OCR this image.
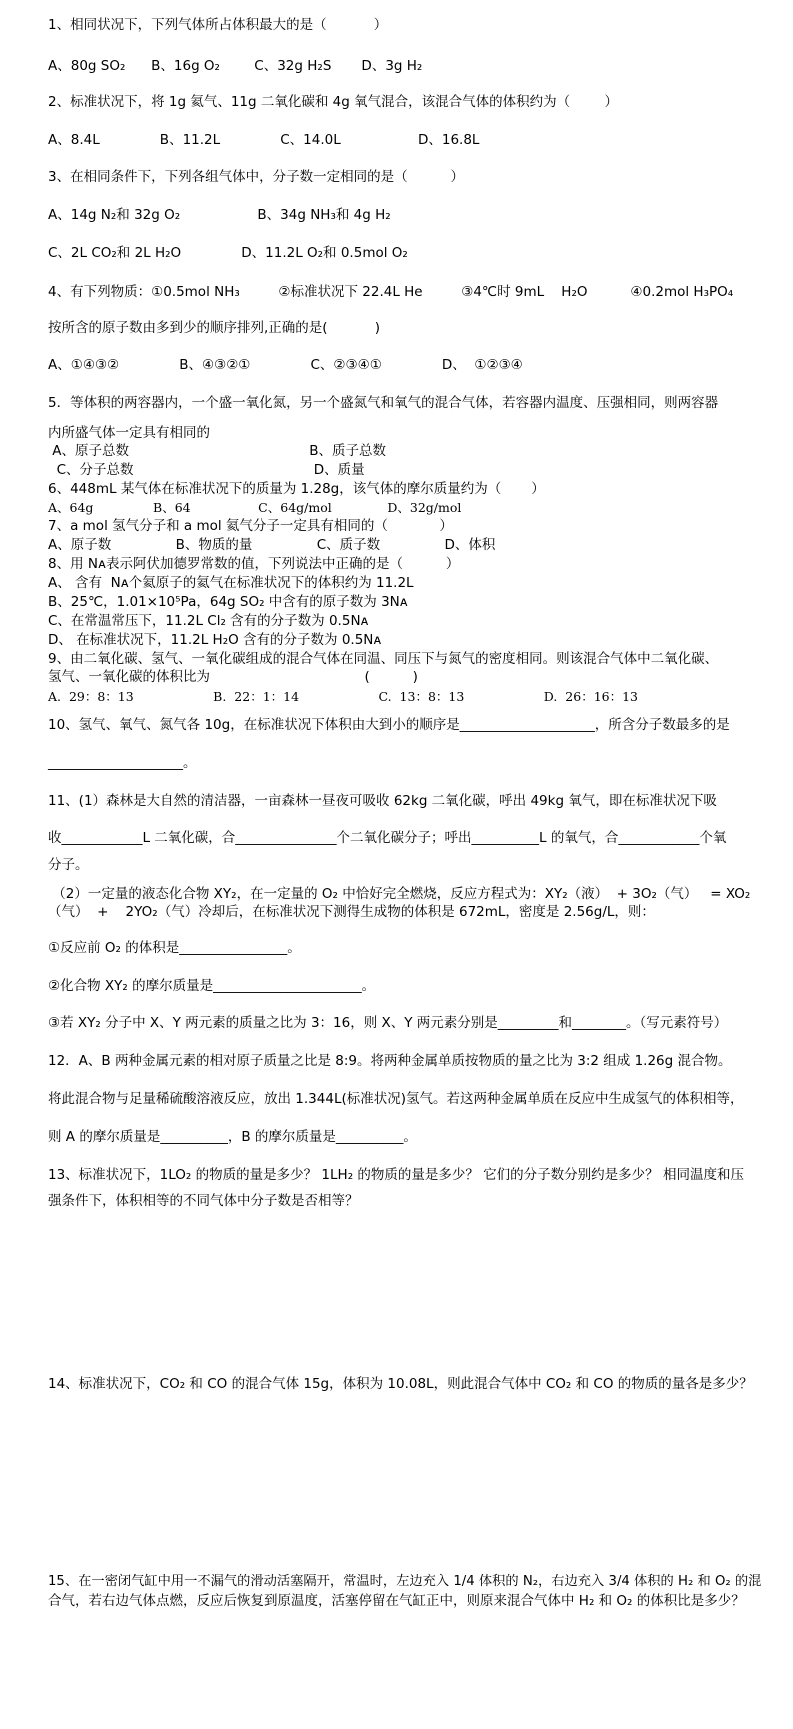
1、相同状况下，下列气体所占体积最大的是（           ）
A、80g SO₂      B、16g O₂        C、32g H₂S       D、3g H₂
2、标准状况下，将 1g 氦气、11g 二氧化碳和 4g 氧气混合，该混合气体的体积约为（        ）
A、8.4L              B、11.2L              C、14.0L                  D、16.8L
3、在相同条件下，下列各组气体中，分子数一定相同的是（          ）
A、14g N₂和 32g O₂                  B、34g NH₃和 4g H₂
C、2L CO₂和 2L H₂O              D、11.2L O₂和 0.5mol O₂
4、有下列物质：①0.5mol NH₃         ②标准状况下 22.4L He         ③4℃时 9mL    H₂O          ④0.2mol H₃PO₄
按所含的原子数由多到少的顺序排列,正确的是(           )
A、①④③②              B、④③②①              C、②③④①              D、  ①②③④
5．等体积的两容器内，一个盛一氧化氮，另一个盛氮气和氧气的混合气体，若容器内温度、压强相同，则两容器
内所盛气体一定具有相同的
A、原子总数                                          B、质子总数
C、分子总数                                          D、质量
6、448mL 某气体在标准状况下的质量为 1.28g，该气体的摩尔质量约为（       ）
A、64g               B、64                 C、64g/mol              D、32g/mol
7、a mol 氢气分子和 a mol 氦气分子一定具有相同的（            ）
A、原子数               B、物质的量               C、质子数               D、体积
8、用 Nᴀ表示阿伏加德罗常数的值，下列说法中正确的是（          ）
A、 含有  Nᴀ个氦原子的氦气在标准状况下的体积约为 11.2L
B、25℃，1.01×10⁵Pa，64g SO₂ 中含有的原子数为 3Nᴀ
C、在常温常压下，11.2L Cl₂ 含有的分子数为 0.5Nᴀ
D、 在标准状况下，11.2L H₂O 含有的分子数为 0.5Nᴀ
9、由二氧化碳、氢气、一氧化碳组成的混合气体在同温、同压下与氮气的密度相同。则该混合气体中二氧化碳、
氢气、一氧化碳的体积比为                                    (          )
A.  29：8：13                    B.  22：1：14                    C.  13：8：13                    D.  26：16：13
10、氢气、氧气、氮气各 10g，在标准状况下体积由大到小的顺序是____________________，所含分子数最多的是
____________________。
11、(1）森林是大自然的清洁器，一亩森林一昼夜可吸收 62kg 二氧化碳，呼出 49kg 氧气，即在标准状况下吸
收____________L 二氧化碳，合_______________个二氧化碳分子；呼出__________L 的氧气，合____________个氧
分子。
（2）一定量的液态化合物 XY₂，在一定量的 O₂ 中恰好完全燃烧，反应方程式为：XY₂（液）  + 3O₂（气）   = XO₂
（气）  +    2YO₂（气）冷却后，在标准状况下测得生成物的体积是 672mL，密度是 2.56g/L，则：
①反应前 O₂ 的体积是________________。
②化合物 XY₂ 的摩尔质量是______________________。
③若 XY₂ 分子中 X、Y 两元素的质量之比为 3：16，则 X、Y 两元素分别是_________和________。（写元素符号）
12．A、B 两种金属元素的相对原子质量之比是 8:9。将两种金属单质按物质的量之比为 3:2 组成 1.26g 混合物。
将此混合物与足量稀硫酸溶液反应，放出 1.344L(标准状况)氢气。若这两种金属单质在反应中生成氢气的体积相等，
则 A 的摩尔质量是__________，B 的摩尔质量是__________。
13、标准状况下，1LO₂ 的物质的量是多少？ 1LH₂ 的物质的量是多少？ 它们的分子数分别约是多少？ 相同温度和压
强条件下，体积相等的不同气体中分子数是否相等？
14、标准状况下，CO₂ 和 CO 的混合气体 15g，体积为 10.08L，则此混合气体中 CO₂ 和 CO 的物质的量各是多少？
15、在一密闭气缸中用一不漏气的滑动活塞隔开，常温时，左边充入 1/4 体积的 N₂，右边充入 3/4 体积的 H₂ 和 O₂ 的混
合气，若右边气体点燃，反应后恢复到原温度，活塞停留在气缸正中，则原来混合气体中 H₂ 和 O₂ 的体积比是多少？
